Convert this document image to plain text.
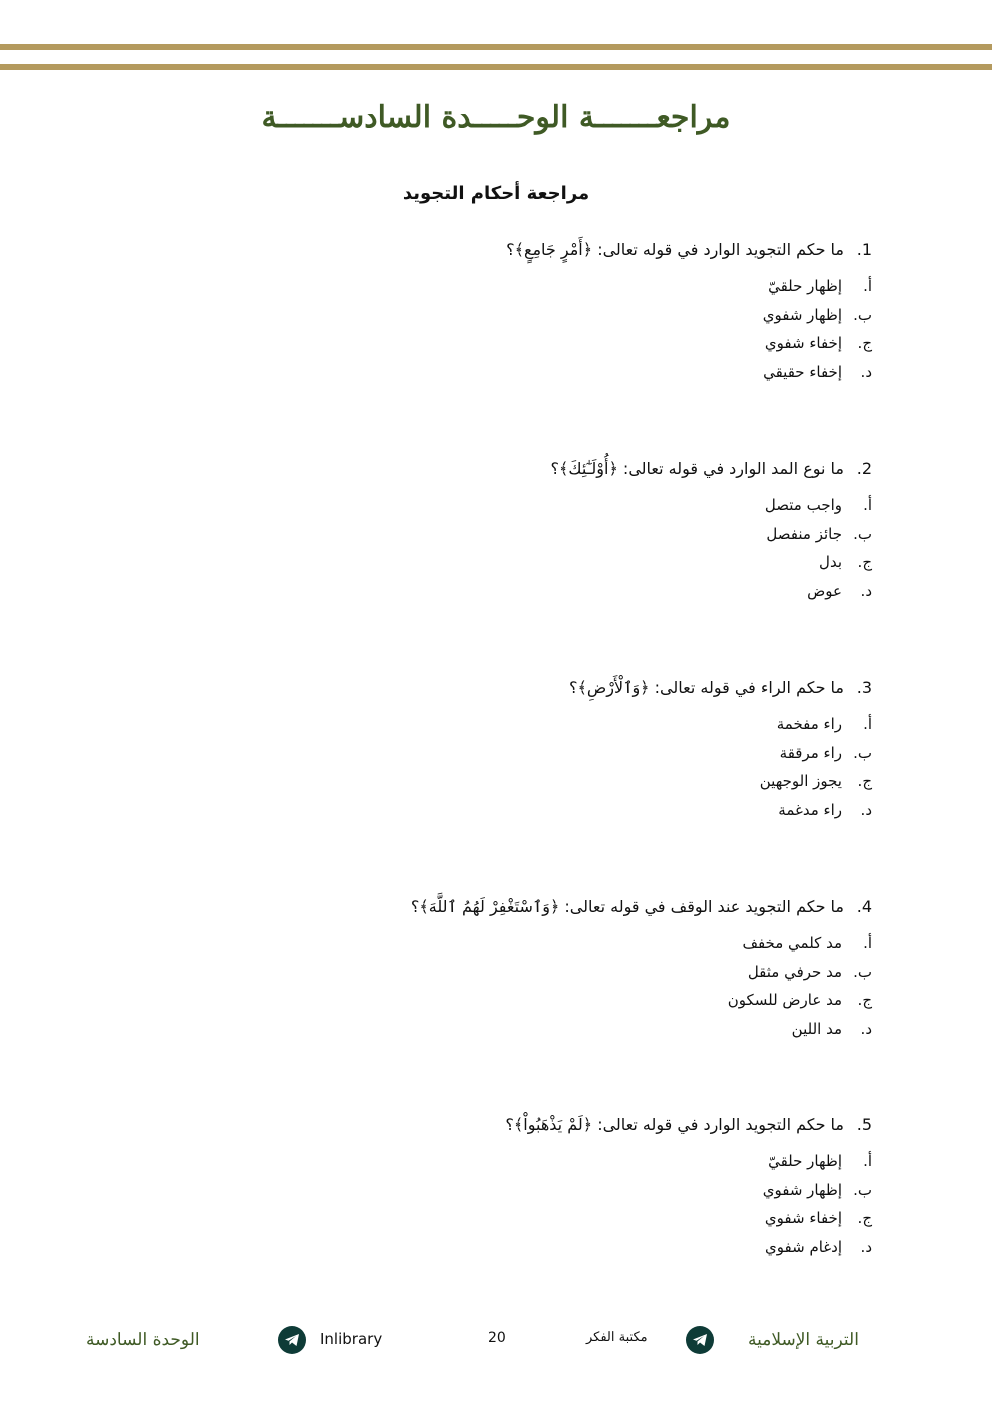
مراجعـــــــة الوحـــــدة السادســـــــة
مراجعة أحكام التجويد
1.ما حكم التجويد الوارد في قوله تعالى: ﴿أَمْرٍ جَامِعٍ﴾؟
أ.إظهار حلقيّ
ب.إظهار شفوي
ج.إخفاء شفوي
د.إخفاء حقيقي
2.ما نوع المد الوارد في قوله تعالى: ﴿أُوْلَـٰٓئِكَ﴾؟
أ.واجب متصل
ب.جائز منفصل
ج.بدل
د.عوض
3.ما حكم الراء في قوله تعالى: ﴿وَٱلْأَرْضِ﴾؟
أ.راء مفخمة
ب.راء مرققة
ج.يجوز الوجهين
د.راء مدغمة
4.ما حكم التجويد عند الوقف في قوله تعالى: ﴿وَٱسْتَغْفِرْ لَهُمُ ٱللَّهَ﴾؟
أ.مد كلمي مخفف
ب.مد حرفي مثقل
ج.مد عارض للسكون
د.مد اللين
5.ما حكم التجويد الوارد في قوله تعالى: ﴿لَمْ يَذْهَبُواْ﴾؟
أ.إظهار حلقيّ
ب.إظهار شفوي
ج.إخفاء شفوي
د.إدغام شفوي
الوحدة السادسة	Inlibrary	20	مكتبة الفكر	التربية الإسلامية
